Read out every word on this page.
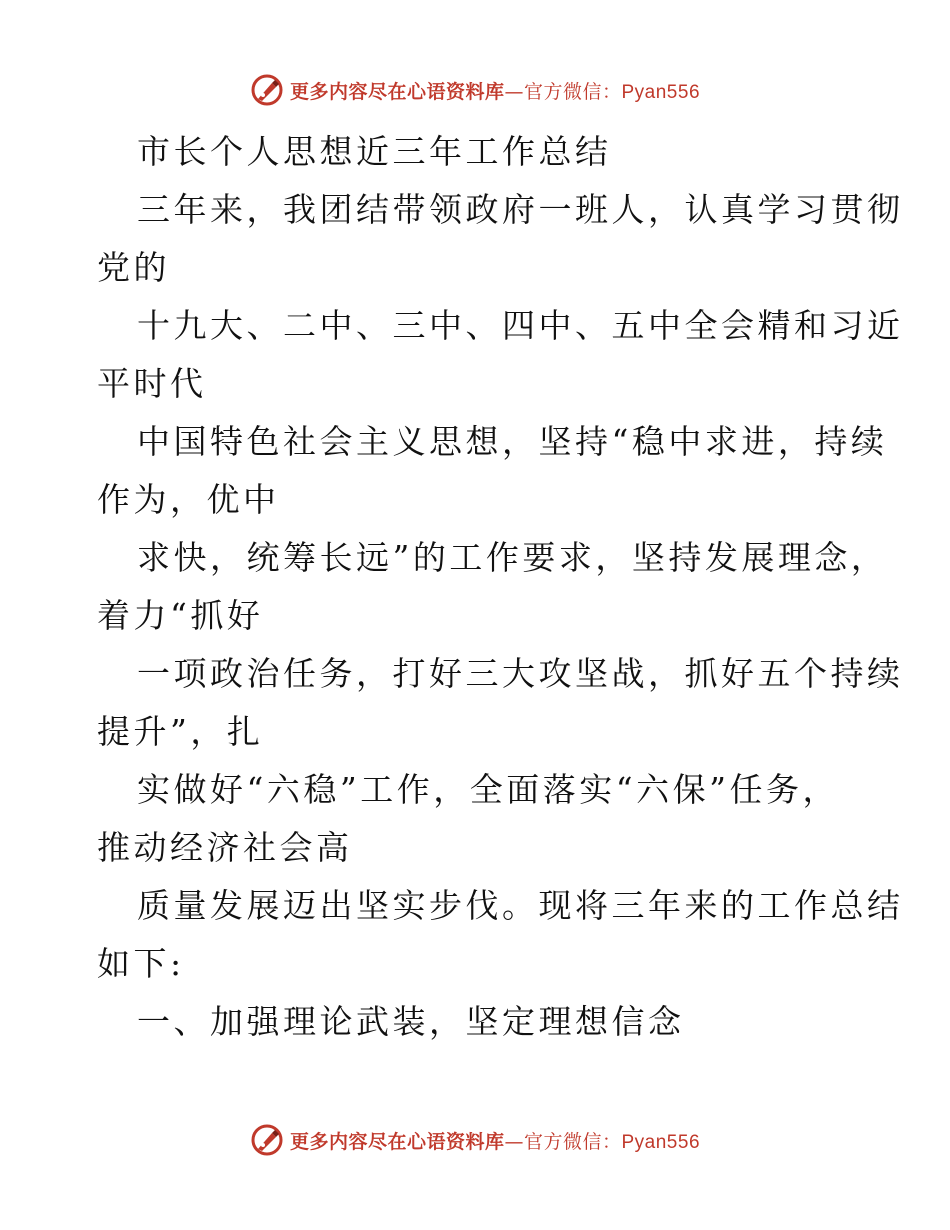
更多内容尽在心语资料库—官方微信：Pyan556
市长个人思想近三年工作总结
三年来，我团结带领政府一班人，认真学习贯彻
党的
十九大、二中、三中、四中、五中全会精和习近
平时代
中国特色社会主义思想，坚持“稳中求进，持续
作为，优中
求快，统筹长远”的工作要求，坚持发展理念，
着力“抓好
一项政治任务，打好三大攻坚战，抓好五个持续
提升”，扎
实做好“六稳”工作，全面落实“六保”任务，
推动经济社会高
质量发展迈出坚实步伐。现将三年来的工作总结
如下:
一、加强理论武装，坚定理想信念
更多内容尽在心语资料库—官方微信：Pyan556
